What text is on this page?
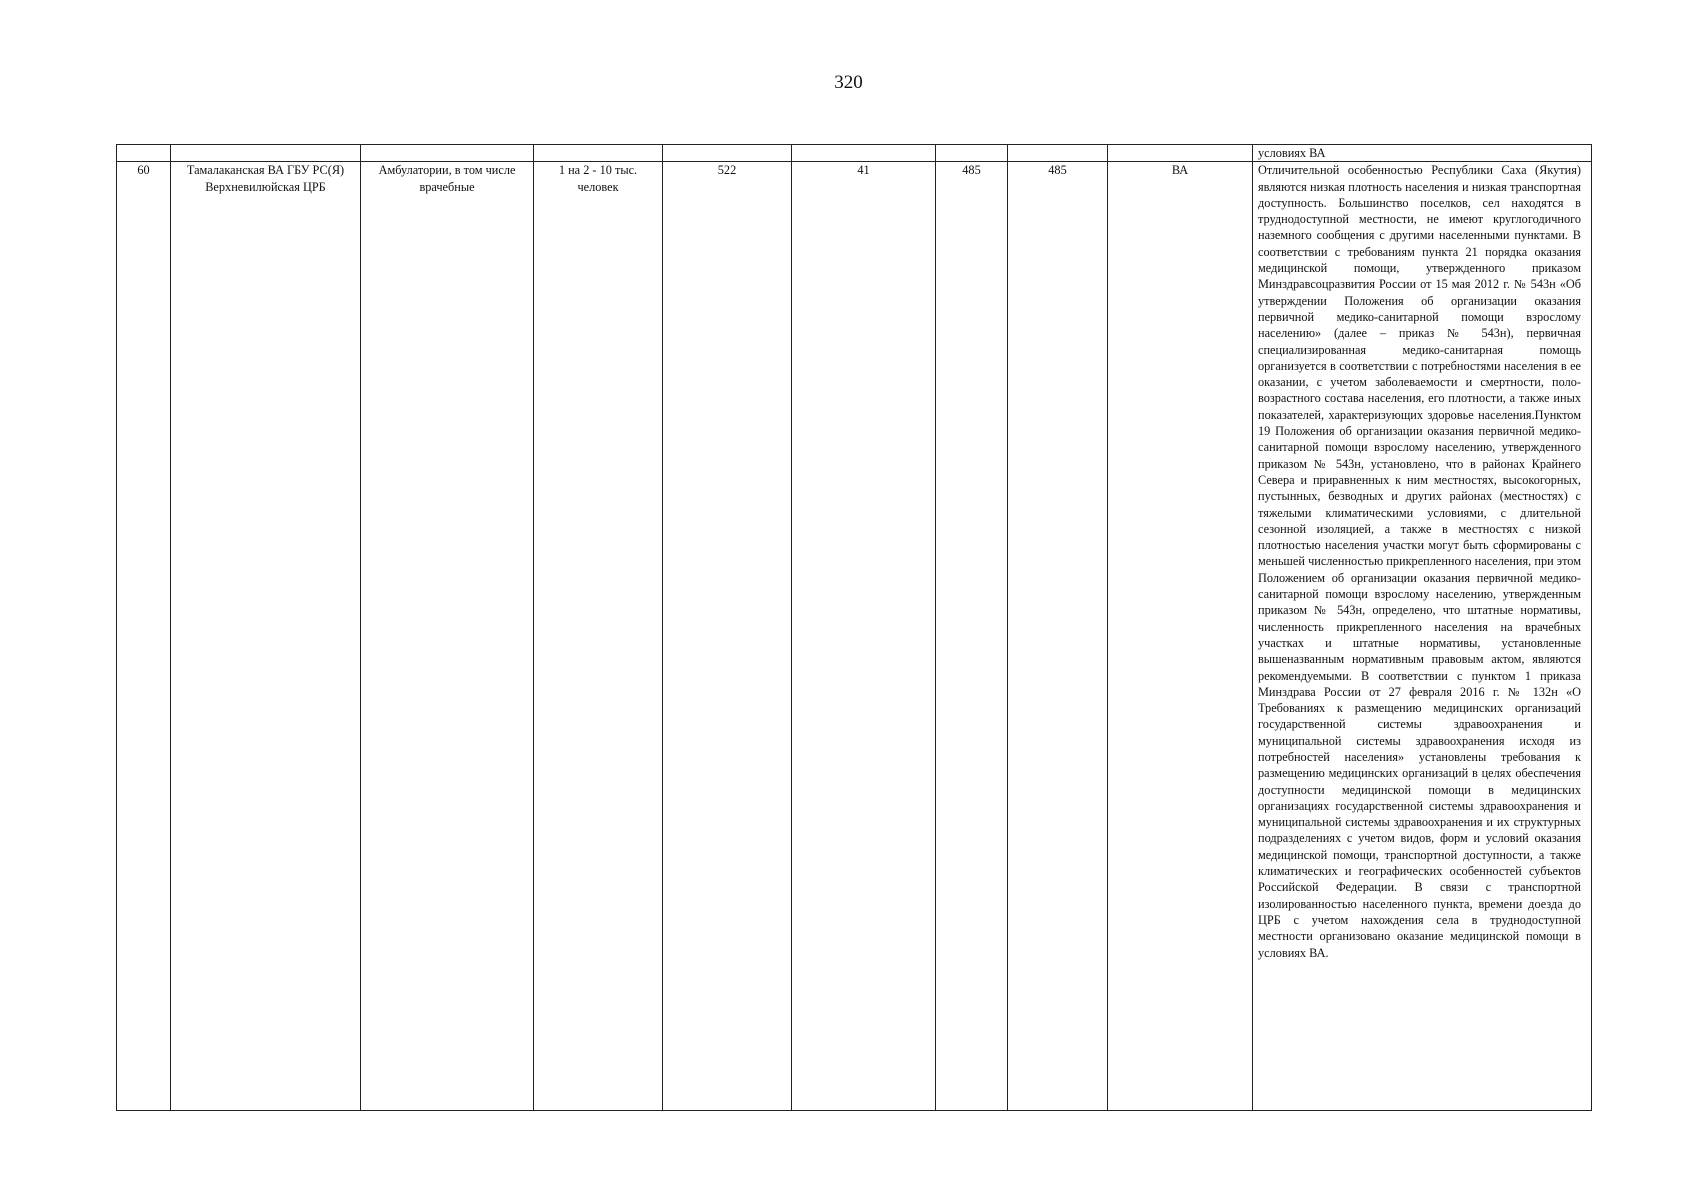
320
									условиях ВА
60	Тамалаканская ВА ГБУ РС(Я) Верхневилюйская ЦРБ	Амбулатории, в том числе врачебные	1 на 2 - 10 тыс. человек	522	41	485	485	ВА	Отличительной особенностью Республики Саха (Якутия) являются низкая плотность населения и низкая транспортная доступность. Большинство поселков, сел находятся в труднодоступной местности, не имеют круглогодичного наземного сообщения с другими населенными пунктами. В соответствии с требованиям пункта 21 порядка оказания медицинской помощи, утвержденного приказом Минздравсоцразвития России от 15 мая 2012 г. № 543н «Об утверждении Положения об организации оказания первичной медико-санитарной помощи взрослому населению» (далее – приказ № 543н), первичная специализированная медико-санитарная помощь организуется в соответствии с потребностями населения в ее оказании, с учетом заболеваемости и смертности, поло-возрастного состава населения, его плотности, а также иных показателей, характеризующих здоровье населения.Пунктом 19 Положения об организации оказания первичной медико-санитарной помощи взрослому населению, утвержденного приказом № 543н, установлено, что в районах Крайнего Севера и приравненных к ним местностях, высокогорных, пустынных, безводных и других районах (местностях) с тяжелыми климатическими условиями, с длительной сезонной изоляцией, а также в местностях с низкой плотностью населения участки могут быть сформированы с меньшей численностью прикрепленного населения, при этом Положением об организации оказания первичной медико-санитарной помощи взрослому населению, утвержденным приказом № 543н, определено, что штатные нормативы, численность прикрепленного населения на врачебных участках и штатные нормативы, установленные вышеназванным нормативным правовым актом, являются рекомендуемыми. В соответствии с пунктом 1 приказа Минздрава России от 27 февраля 2016 г. № 132н «О Требованиях к размещению медицинских организаций государственной системы здравоохранения и муниципальной системы здравоохранения исходя из потребностей населения» установлены требования к размещению медицинских организаций в целях обеспечения доступности медицинской помощи в медицинских организациях государственной системы здравоохранения и муниципальной системы здравоохранения и их структурных подразделениях с учетом видов, форм и условий оказания медицинской помощи, транспортной доступности, а также климатических и географических особенностей субъектов Российской Федерации. В связи с транспортной изолированностью населенного пункта, времени доезда до ЦРБ с учетом нахождения села в труднодоступной местности организовано оказание медицинской помощи в условиях ВА.
